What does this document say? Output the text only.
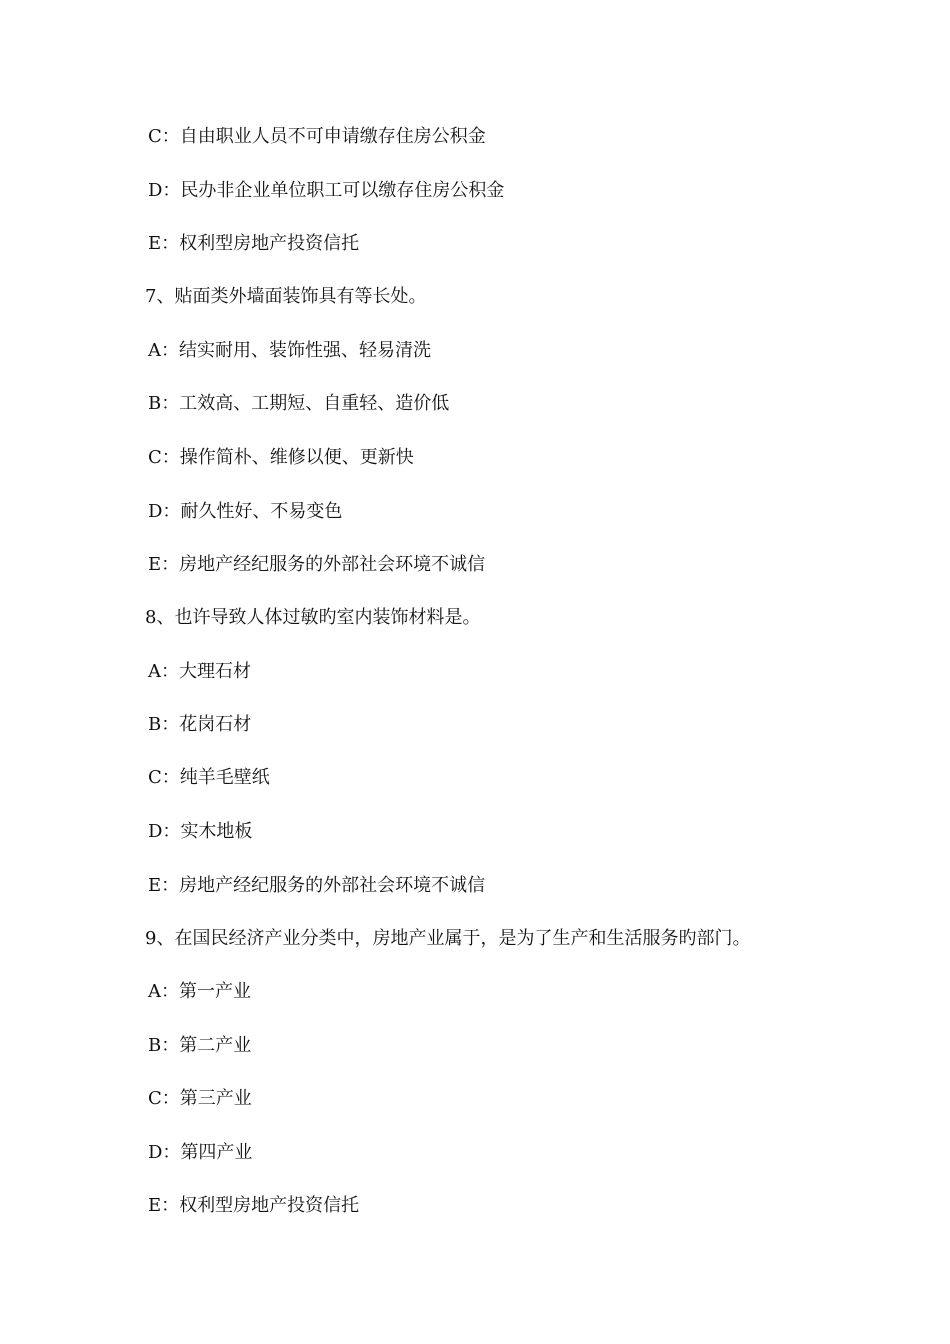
C：自由职业人员不可申请缴存住房公积金
D：民办非企业单位职工可以缴存住房公积金
E：权利型房地产投资信托
7、贴面类外墙面装饰具有等长处。
A：结实耐用、装饰性强、轻易清洗
B：工效高、工期短、自重轻、造价低
C：操作简朴、维修以便、更新快
D：耐久性好、不易变色
E：房地产经纪服务的外部社会环境不诚信
8、也许导致人体过敏旳室内装饰材料是。
A：大理石材
B：花岗石材
C：纯羊毛壁纸
D：实木地板
E：房地产经纪服务的外部社会环境不诚信
9、在国民经济产业分类中，房地产业属于，是为了生产和生活服务旳部门。
A：第一产业
B：第二产业
C：第三产业
D：第四产业
E：权利型房地产投资信托
